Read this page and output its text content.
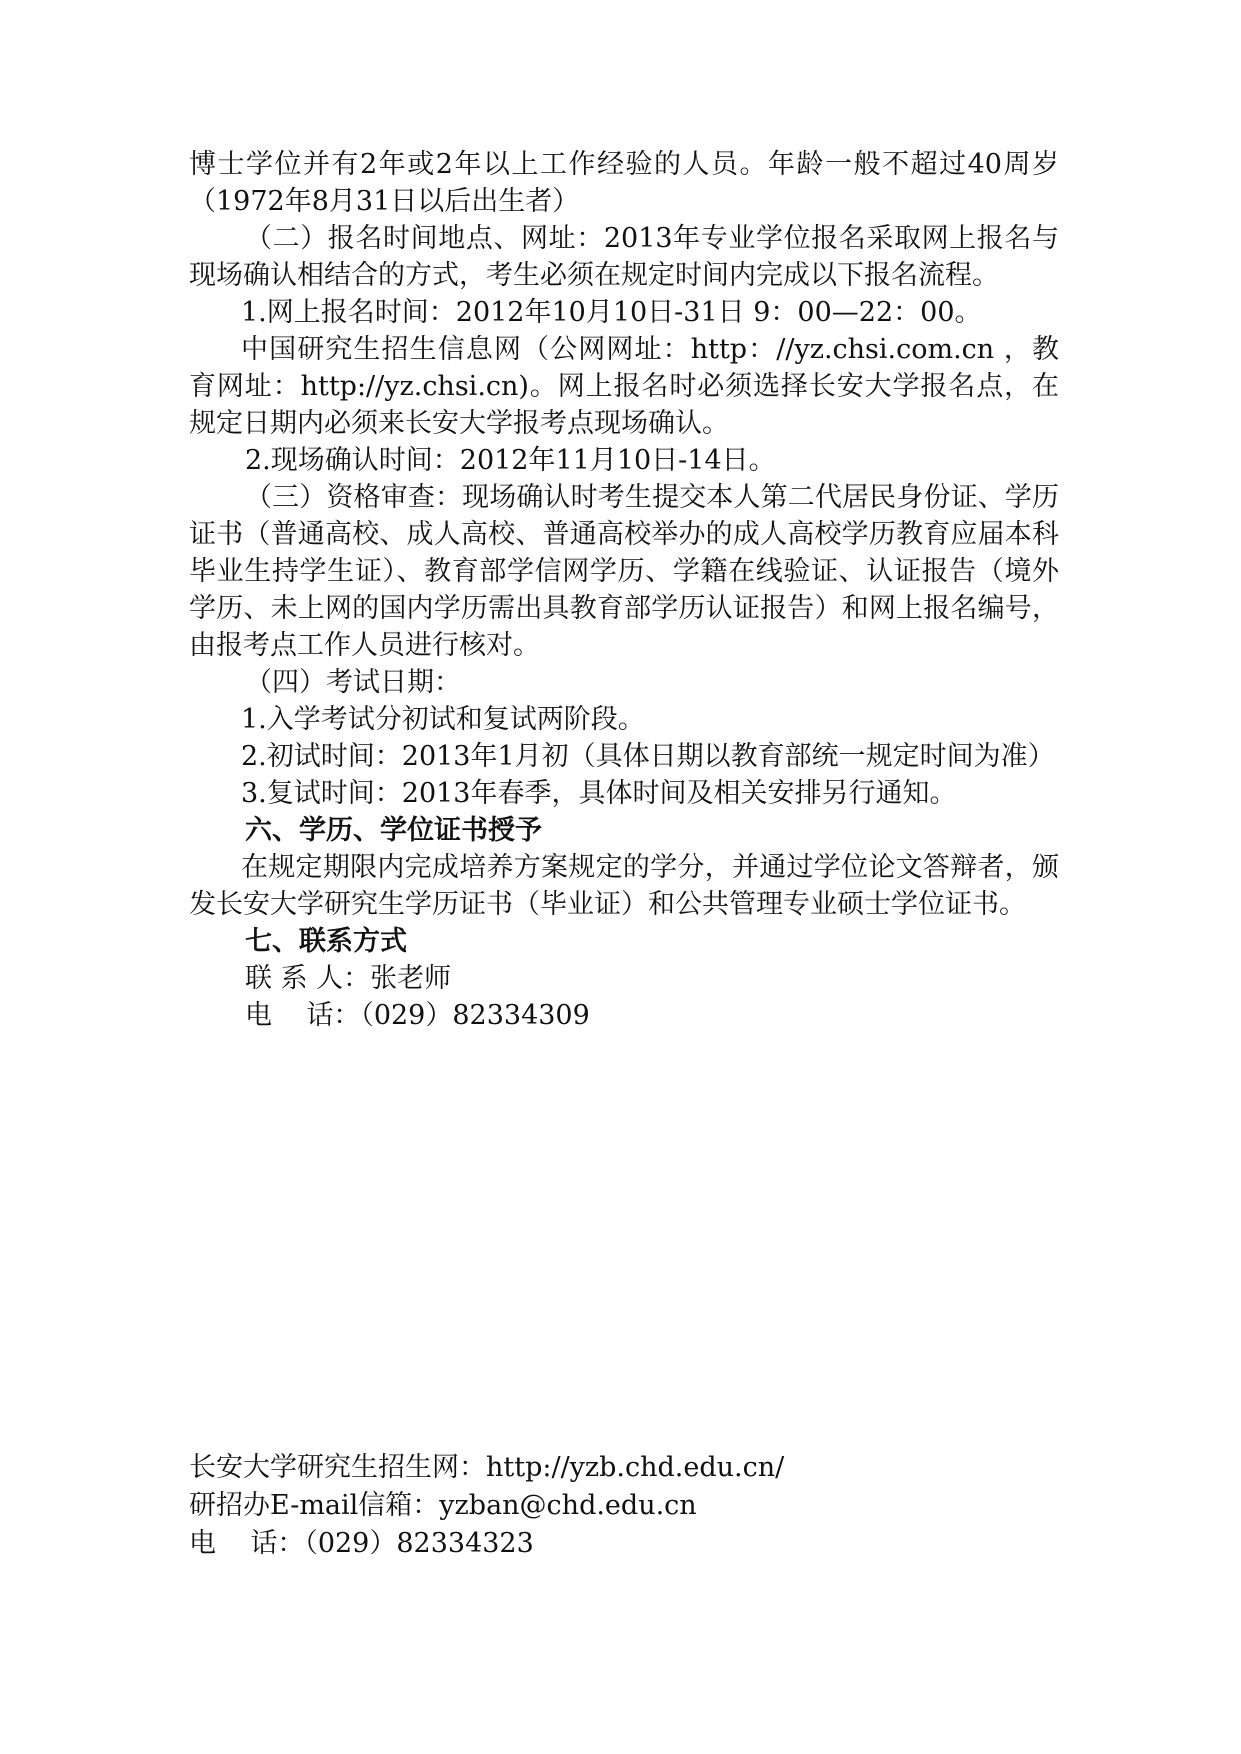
博士学位并有2年或2年以上工作经验的人员。年龄一般不超过40周岁（1972年8月31日以后出生者）

（二）报名时间地点、网址：2013年专业学位报名采取网上报名与现场确认相结合的方式，考生必须在规定时间内完成以下报名流程。

1.网上报名时间：2012年10月10日-31日 9：00—22：00。

中国研究生招生信息网（公网网址：http：//yz.chsi.com.cn ，教育网址：http://yz.chsi.cn)。网上报名时必须选择长安大学报名点，在规定日期内必须来长安大学报考点现场确认。

2.现场确认时间：2012年11月10日-14日。

（三）资格审查：现场确认时考生提交本人第二代居民身份证、学历证书（普通高校、成人高校、普通高校举办的成人高校学历教育应届本科毕业生持学生证）、教育部学信网学历、学籍在线验证、认证报告（境外学历、未上网的国内学历需出具教育部学历认证报告）和网上报名编号，由报考点工作人员进行核对。

（四）考试日期：

1.入学考试分初试和复试两阶段。

2.初试时间：2013年1月初（具体日期以教育部统一规定时间为准）

3.复试时间：2013年春季，具体时间及相关安排另行通知。

六、学历、学位证书授予

在规定期限内完成培养方案规定的学分，并通过学位论文答辩者，颁发长安大学研究生学历证书（毕业证）和公共管理专业硕士学位证书。

七、联系方式

联 系 人：张老师

电    话：（029）82334309

长安大学研究生招生网：http://yzb.chd.edu.cn/

研招办E-mail信箱：yzban@chd.edu.cn

电    话：（029）82334323
